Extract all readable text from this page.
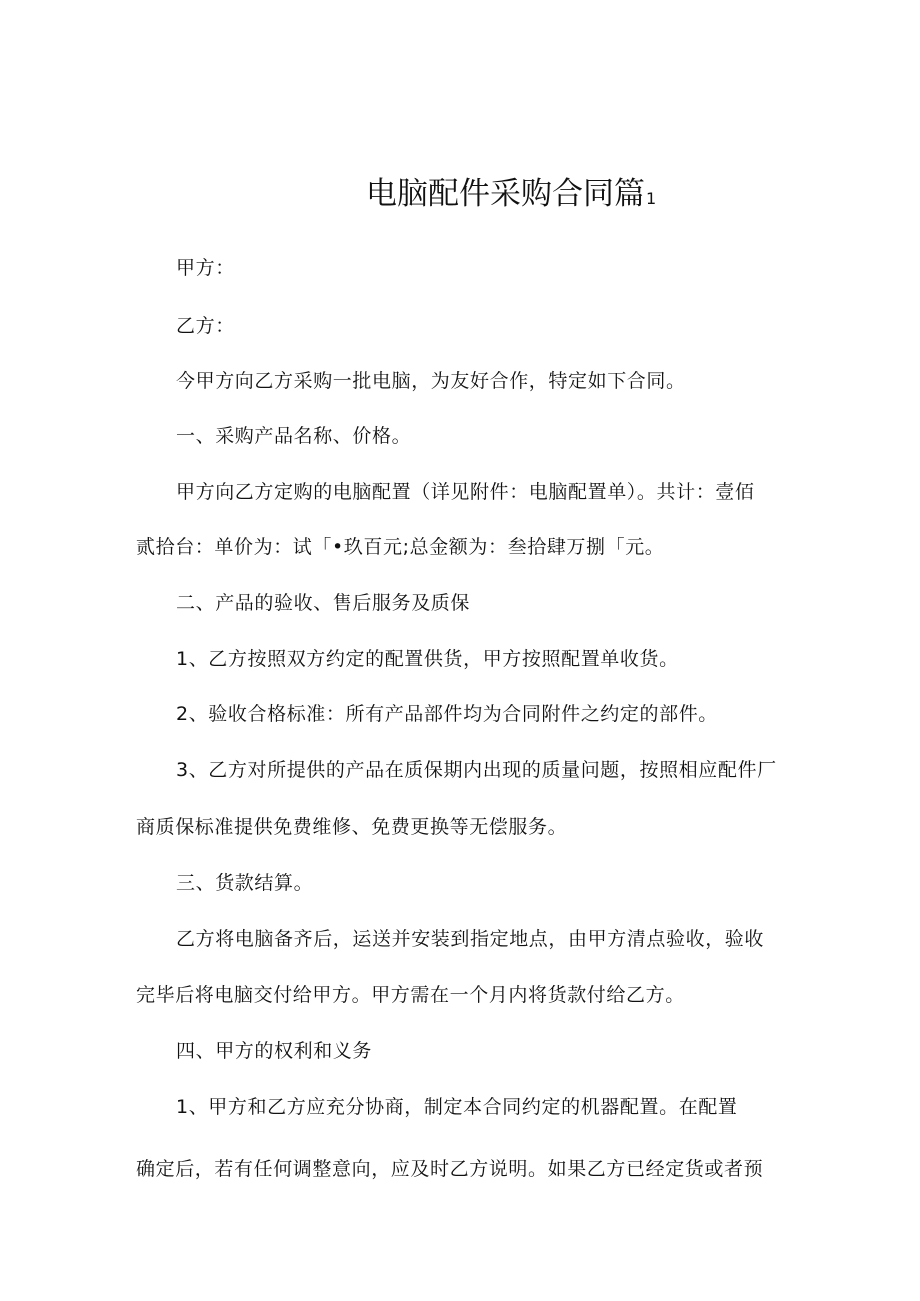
电脑配件采购合同篇1

甲方：

乙方：

今甲方向乙方采购一批电脑，为友好合作，特定如下合同。

一、采购产品名称、价格。

甲方向乙方定购的电脑配置（详见附件：电脑配置单）。共计：壹佰

贰拾台：单价为：试「•玖百元;总金额为：叁拾肆万捌「元。

二、产品的验收、售后服务及质保

1、乙方按照双方约定的配置供货，甲方按照配置单收货。

2、验收合格标准：所有产品部件均为合同附件之约定的部件。

3、乙方对所提供的产品在质保期内出现的质量问题，按照相应配件厂

商质保标准提供免费维修、免费更换等无偿服务。

三、货款结算。

乙方将电脑备齐后，运送并安装到指定地点，由甲方清点验收，验收

完毕后将电脑交付给甲方。甲方需在一个月内将货款付给乙方。

四、甲方的权利和义务

1、甲方和乙方应充分协商，制定本合同约定的机器配置。在配置

确定后，若有任何调整意向，应及时乙方说明。如果乙方已经定货或者预
